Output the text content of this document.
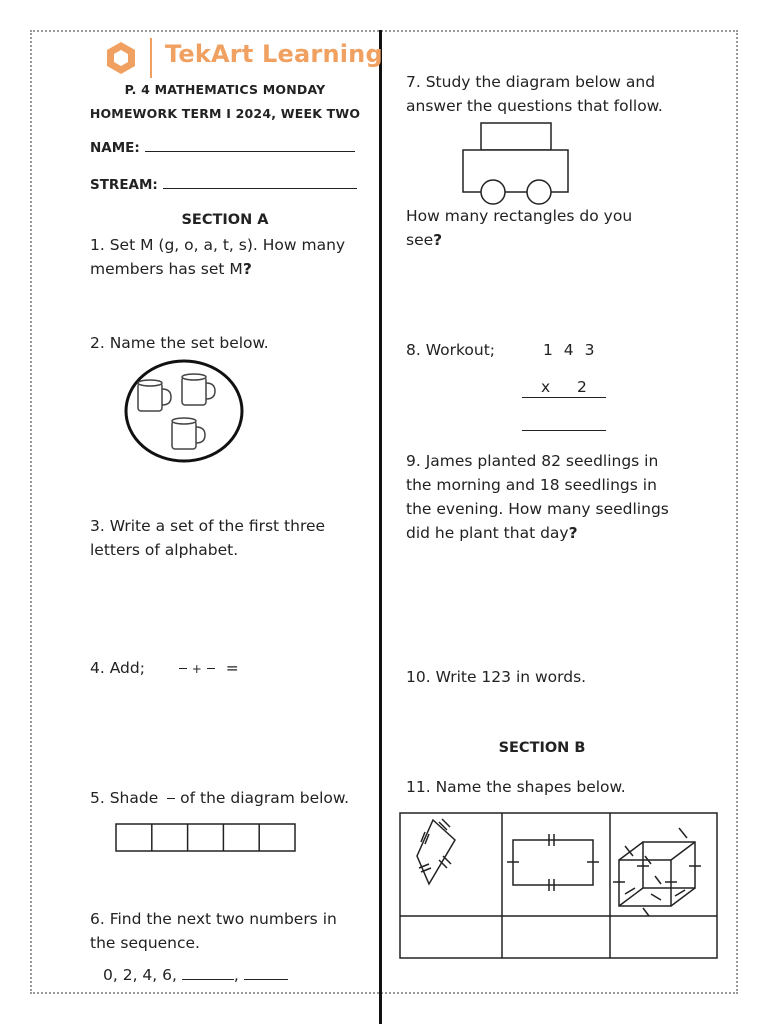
TekArt Learning
P. 4 MATHEMATICS MONDAY
HOMEWORK TERM I 2024, WEEK TWO
NAME:
STREAM:
SECTION A
1. Set M (g, o, a, t, s). How many
members has set M?
2. Name the set below.
3. Write a set of the first three
letters of alphabet.
4. Add;	+ =
5. Shade of the diagram below.
6. Find the next two numbers in
the sequence.
0, 2, 4, 6,	,
7. Study the diagram below and
answer the questions that follow.
How many rectangles do you
see?
8. Workout;	1 4 3
x 2
9. James planted 82 seedlings in
the morning and 18 seedlings in
the evening. How many seedlings
did he plant that day?
10. Write 123 in words.
SECTION B
11. Name the shapes below.
